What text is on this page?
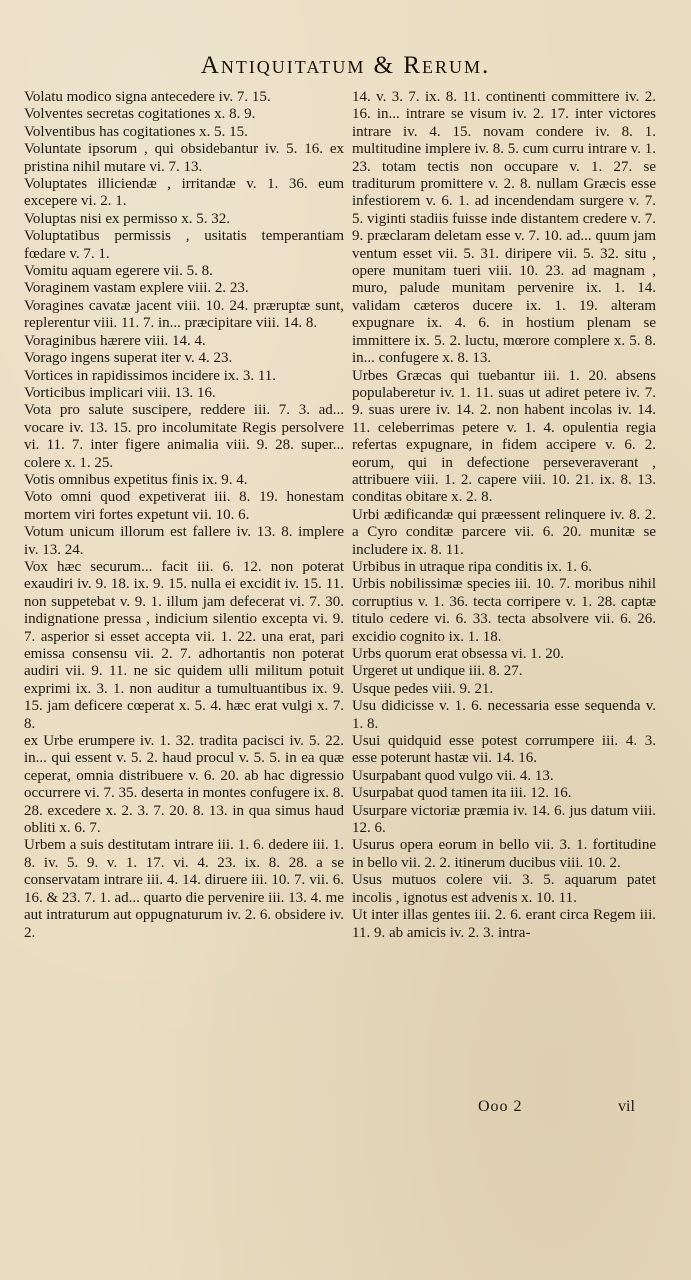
Antiquitatum & Rerum.
Volatu modico signa antecedere iv. 7. 15.
Volventes secretas cogitationes x. 8. 9.
Volventibus has cogitationes x. 5. 15.
Voluntate ipsorum , qui obsidebantur iv. 5. 16. ex pristina nihil mutare vi. 7. 13.
Voluptates illiciendæ , irritandæ v. 1. 36. eum excepere vi. 2. 1.
Voluptas nisi ex permisso x. 5. 32.
Voluptatibus permissis , usitatis temperantiam fœdare v. 7. 1.
Vomitu aquam egerere vii. 5. 8.
Voraginem vastam explere viii. 2. 23.
Voragines cavatæ jacent viii. 10. 24. præruptæ sunt, replerentur viii. 11. 7. in... præcipitare viii. 14. 8.
Voraginibus hærere viii. 14. 4.
Vorago ingens superat iter v. 4. 23.
Vortices in rapidissimos incidere ix. 3. 11.
Vorticibus implicari viii. 13. 16.
Vota pro salute suscipere, reddere iii. 7. 3. ad... vocare iv. 13. 15. pro incolumitate Regis persolvere vi. 11. 7. inter figere animalia viii. 9. 28. super... colere x. 1. 25.
Votis omnibus expetitus finis ix. 9. 4.
Voto omni quod expetiverat iii. 8. 19. honestam mortem viri fortes expetunt vii. 10. 6.
Votum unicum illorum est fallere iv. 13. 8. implere iv. 13. 24.
Vox hæc securum... facit iii. 6. 12. non poterat exaudiri iv. 9. 18. ix. 9. 15. nulla ei excidit iv. 15. 11. non suppetebat v. 9. 1. illum jam defecerat vi. 7. 30. indignatione pressa , indicium silentio excepta vi. 9. 7. asperior si esset accepta vii. 1. 22. una erat, pari emissa consensu vii. 2. 7. adhortantis non poterat audiri vii. 9. 11. ne sic quidem ulli militum potuit exprimi ix. 3. 1. non auditur a tumultuantibus ix. 9. 15. jam deficere cœperat x. 5. 4. hæc erat vulgi x. 7. 8.
ex Urbe erumpere iv. 1. 32. tradita pacisci iv. 5. 22. in... qui essent v. 5. 2. haud procul v. 5. 5. in ea quæ ceperat, omnia distribuere v. 6. 20. ab hac digressio occurrere vi. 7. 35. deserta in montes confugere ix. 8. 28. excedere x. 2. 3. 7. 20. 8. 13. in qua simus haud obliti x. 6. 7.
Urbem a suis destitutam intrare iii. 1. 6. dedere iii. 1. 8. iv. 5. 9. v. 1. 17. vi. 4. 23. ix. 8. 28. a se conservatam intrare iii. 4. 14. diruere iii. 10. 7. vii. 6. 16. & 23. 7. 1. ad... quarto die pervenire iii. 13. 4. me aut intraturum aut oppugnaturum iv. 2. 6. obsidere iv. 2.
14. v. 3. 7. ix. 8. 11. continenti committere iv. 2. 16. in... intrare se visum iv. 2. 17. inter victores intrare iv. 4. 15. novam condere iv. 8. 1. multitudine implere iv. 8. 5. cum curru intrare v. 1. 23. totam tectis non occupare v. 1. 27. se traditurum promittere v. 2. 8. nullam Græcis esse infestiorem v. 6. 1. ad incendendam surgere v. 7. 5. viginti stadiis fuisse inde distantem credere v. 7. 9. præclaram deletam esse v. 7. 10. ad... quum jam ventum esset vii. 5. 31. diripere vii. 5. 32. situ , opere munitam tueri viii. 10. 23. ad magnam , muro, palude munitam pervenire ix. 1. 14. validam cæteros ducere ix. 1. 19. alteram expugnare ix. 4. 6. in hostium plenam se immittere ix. 5. 2. luctu, mœrore complere x. 5. 8. in... confugere x. 8. 13.
Urbes Græcas qui tuebantur iii. 1. 20. absens populaberetur iv. 1. 11. suas ut adiret petere iv. 7. 9. suas urere iv. 14. 2. non habent incolas iv. 14. 11. celeberrimas petere v. 1. 4. opulentia regia refertas expugnare, in fidem accipere v. 6. 2. eorum, qui in defectione perseveraverant , attribuere viii. 1. 2. capere viii. 10. 21. ix. 8. 13. conditas obitare x. 2. 8.
Urbi ædificandæ qui præessent relinquere iv. 8. 2. a Cyro conditæ parcere vii. 6. 20. munitæ se includere ix. 8. 11.
Urbibus in utraque ripa conditis ix. 1. 6.
Urbis nobilissimæ species iii. 10. 7. moribus nihil corruptius v. 1. 36. tecta corripere v. 1. 28. captæ titulo cedere vi. 6. 33. tecta absolvere vii. 6. 26. excidio cognito ix. 1. 18.
Urbs quorum erat obsessa vi. 1. 20.
Urgeret ut undique iii. 8. 27.
Usque pedes viii. 9. 21.
Usu didicisse v. 1. 6. necessaria esse sequenda v. 1. 8.
Usui quidquid esse potest corrumpere iii. 4. 3. esse poterunt hastæ vii. 14. 16.
Usurpabant quod vulgo vii. 4. 13.
Usurpabat quod tamen ita iii. 12. 16.
Usurpare victoriæ præmia iv. 14. 6. jus datum viii. 12. 6.
Usurus opera eorum in bello vii. 3. 1. fortitudine in bello vii. 2. 2. itinerum ducibus viii. 10. 2.
Usus mutuos colere vii. 3. 5. aquarum patet incolis , ignotus est advenis x. 10. 11.
Ut inter illas gentes iii. 2. 6. erant circa Regem iii. 11. 9. ab amicis iv. 2. 3. intra-
Ooo 2	vil
